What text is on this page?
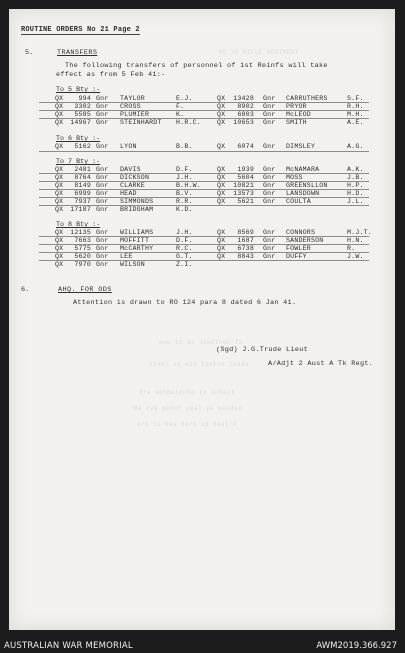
ROUTINE ORDERS No 21 Page 2
5.	TRANSFERS	RO 36 RIFLE REGIMENT
The following transfers of personnel of 1st Reinfs will take
effect as from 5 Feb 41:-
To 5 Bty :-
QX	994 Gnr TAYLOR	E.J.	QX	13428 Gnr CARRUTHERS	S.F.
QX	3302 Gnr CROSS	F.	QX	8902 Gnr PRYOR	R.H.
QX	5585 Gnr PLUMIER	K.	QX	6803 Gnr McLEOD	M.H.
QX	14967 Gnr STEINHARDT H.R.C. QX	10653 Gnr SMITH	A.E.
To 6 Bty :-
QX	5162 Gnr LYON	B.B.	QX	6074 Gnr DIMSLEY	A.G.
To 7 Bty :-
QX	2481 Gnr DAVIS	D.F.	QX	1939 Gnr McNAMARA	A.K.
QX	8764 Gnr DICKSON	J.H.	QX	5604 Gnr MOSS	J.B.
QX	8149 Gnr CLARKE	B.H.W. QX	10821 Gnr GREENSLLON	H.P.
QX	6999 Gnr HEAD	B.V.	QX	13573 Gnr LANSDOWN	H.D.
QX	7937 Gnr SIMMONDS	R.R.	QX	5621 Gnr COULTA	J.L.
QX	17187 Gnr BRIDGHAM	K.D.
To 8 Bty :-
QX	12135 Gnr WILLIAMS	J.H.	QX	8569 Gnr CONNORS	M.J.T.
QX	7663 Gnr MOFFITT	D.F.	QX	1687 Gnr SANDERSON	H.N.
QX	5775 Gnr McCARTHY	R.C.	QX	6738 Gnr FOWLER	R.
QX	5620 Gnr LEE	G.T.	QX	8843 Gnr DUFFY	J.W.
QX	7970 Gnr WILSON	Z.I.
6.	AHQ. FOR ODS
Attention is drawn to RO 124 para 8 dated 6 Jan 41.
(Sgd) J.G.Trude Lieut
A/Adjt 2 Aust A Tk Regt.
eve to ae sawitnen fx
eivel sa edd tuetoe toads
tre sehbalenbe te enbeet
Ba eva mehor eeal ye beedee
ert to hea tert ad teetre
AUSTRALIAN WAR MEMORIAL	AWM2019.366.927
